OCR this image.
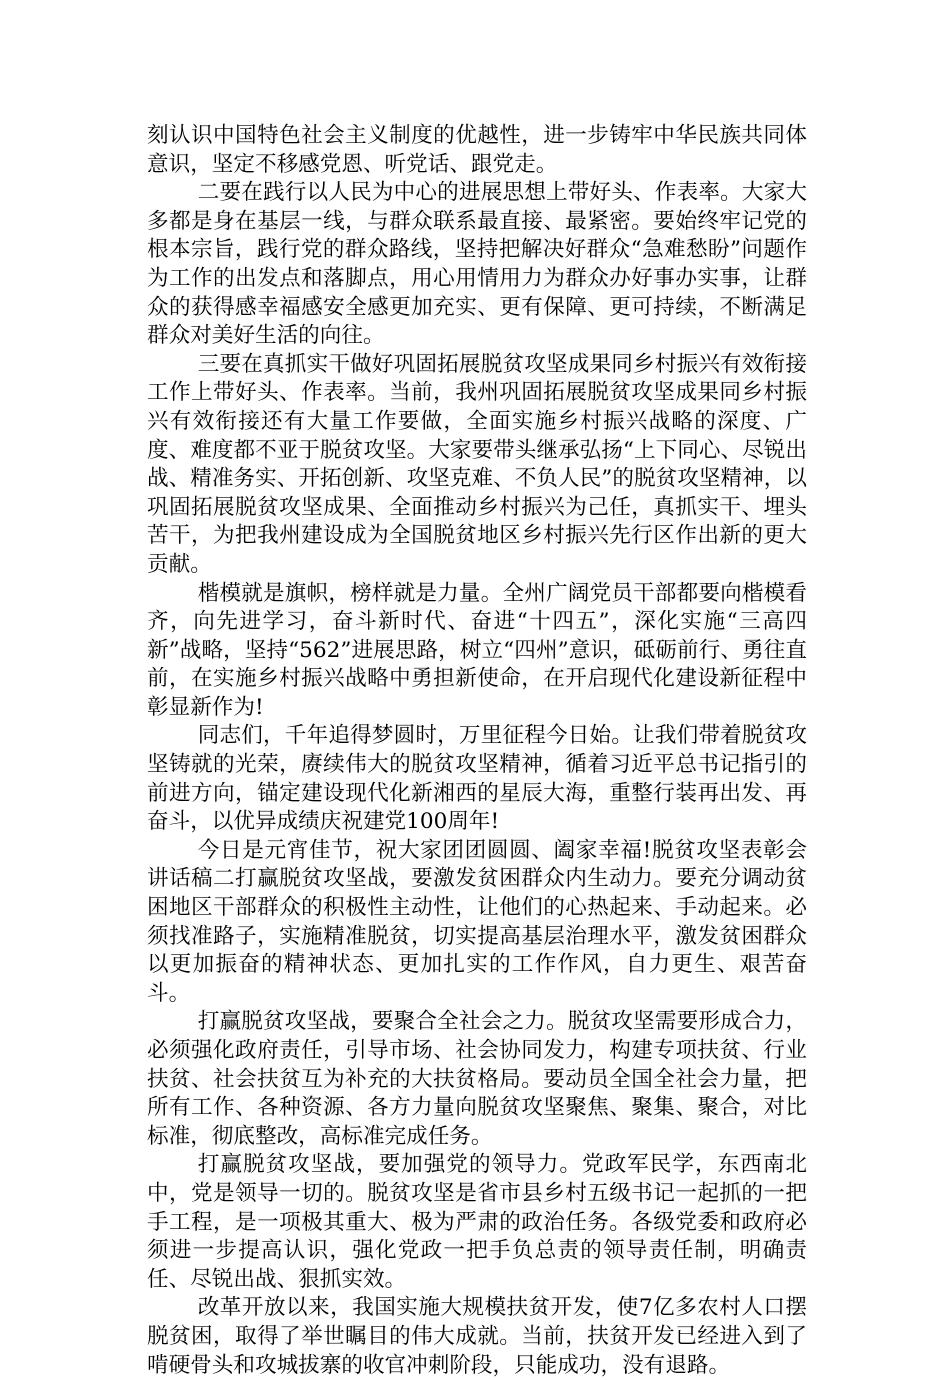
刻认识中国特色社会主义制度的优越性，进一步铸牢中华民族共同体意识，坚定不移感党恩、听党话、跟党走。

二要在践行以人民为中心的进展思想上带好头、作表率。大家大多都是身在基层一线，与群众联系最直接、最紧密。要始终牢记党的根本宗旨，践行党的群众路线，坚持把解决好群众“急难愁盼”问题作为工作的出发点和落脚点，用心用情用力为群众办好事办实事，让群众的获得感幸福感安全感更加充实、更有保障、更可持续，不断满足群众对美好生活的向往。

三要在真抓实干做好巩固拓展脱贫攻坚成果同乡村振兴有效衔接工作上带好头、作表率。当前，我州巩固拓展脱贫攻坚成果同乡村振兴有效衔接还有大量工作要做，全面实施乡村振兴战略的深度、广度、难度都不亚于脱贫攻坚。大家要带头继承弘扬“上下同心、尽锐出战、精准务实、开拓创新、攻坚克难、不负人民”的脱贫攻坚精神，以巩固拓展脱贫攻坚成果、全面推动乡村振兴为己任，真抓实干、埋头苦干，为把我州建设成为全国脱贫地区乡村振兴先行区作出新的更大贡献。

楷模就是旗帜，榜样就是力量。全州广阔党员干部都要向楷模看齐，向先进学习，奋斗新时代、奋进“十四五”，深化实施“三高四新”战略，坚持“562”进展思路，树立“四州”意识，砥砺前行、勇往直前，在实施乡村振兴战略中勇担新使命，在开启现代化建设新征程中彰显新作为!

同志们，千年追得梦圆时，万里征程今日始。让我们带着脱贫攻坚铸就的光荣，赓续伟大的脱贫攻坚精神，循着习近平总书记指引的前进方向，锚定建设现代化新湘西的星辰大海，重整行装再出发、再奋斗，以优异成绩庆祝建党100周年!

今日是元宵佳节，祝大家团团圆圆、阖家幸福!脱贫攻坚表彰会讲话稿二打赢脱贫攻坚战，要激发贫困群众内生动力。要充分调动贫困地区干部群众的积极性主动性，让他们的心热起来、手动起来。必须找准路子，实施精准脱贫，切实提高基层治理水平，激发贫困群众以更加振奋的精神状态、更加扎实的工作作风，自力更生、艰苦奋斗。

打赢脱贫攻坚战，要聚合全社会之力。脱贫攻坚需要形成合力，必须强化政府责任，引导市场、社会协同发力，构建专项扶贫、行业扶贫、社会扶贫互为补充的大扶贫格局。要动员全国全社会力量，把所有工作、各种资源、各方力量向脱贫攻坚聚焦、聚集、聚合，对比标准，彻底整改，高标准完成任务。

打赢脱贫攻坚战，要加强党的领导力。党政军民学，东西南北中，党是领导一切的。脱贫攻坚是省市县乡村五级书记一起抓的一把手工程，是一项极其重大、极为严肃的政治任务。各级党委和政府必须进一步提高认识，强化党政一把手负总责的领导责任制，明确责任、尽锐出战、狠抓实效。

改革开放以来，我国实施大规模扶贫开发，使7亿多农村人口摆脱贫困，取得了举世瞩目的伟大成就。当前，扶贫开发已经进入到了啃硬骨头和攻城拔寨的收官冲刺阶段，只能成功，没有退路。
